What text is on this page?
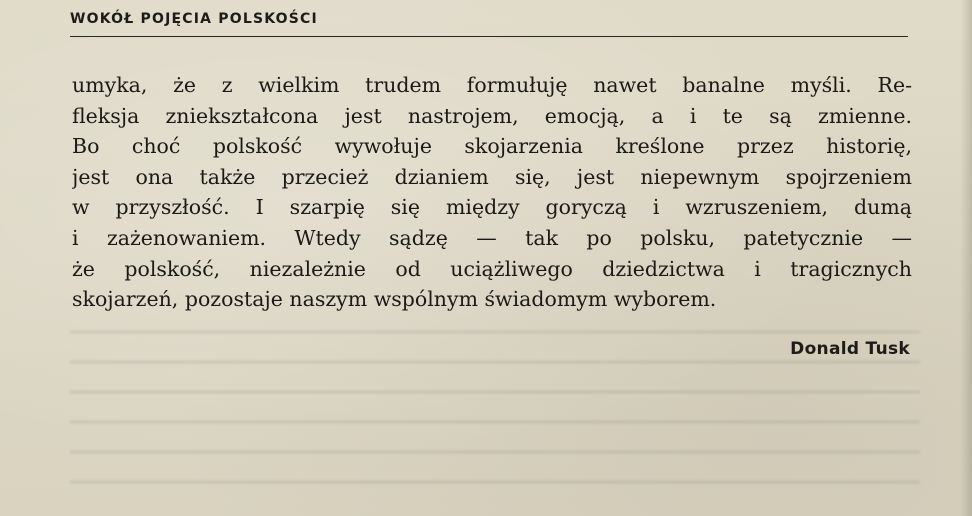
WOKÓŁ POJĘCIA POLSKOŚCI
umyka, że z wielkim trudem formułuję nawet banalne myśli. Re-
fleksja zniekształcona jest nastrojem, emocją, a i te są zmienne.
Bo choć polskość wywołuje skojarzenia kreślone przez historię,
jest ona także przecież dzianiem się, jest niepewnym spojrzeniem
w przyszłość. I szarpię się między goryczą i wzruszeniem, dumą
i zażenowaniem. Wtedy sądzę — tak po polsku, patetycznie —
że polskość, niezależnie od uciążliwego dziedzictwa i tragicznych
skojarzeń, pozostaje naszym wspólnym świadomym wyborem.
Donald Tusk
